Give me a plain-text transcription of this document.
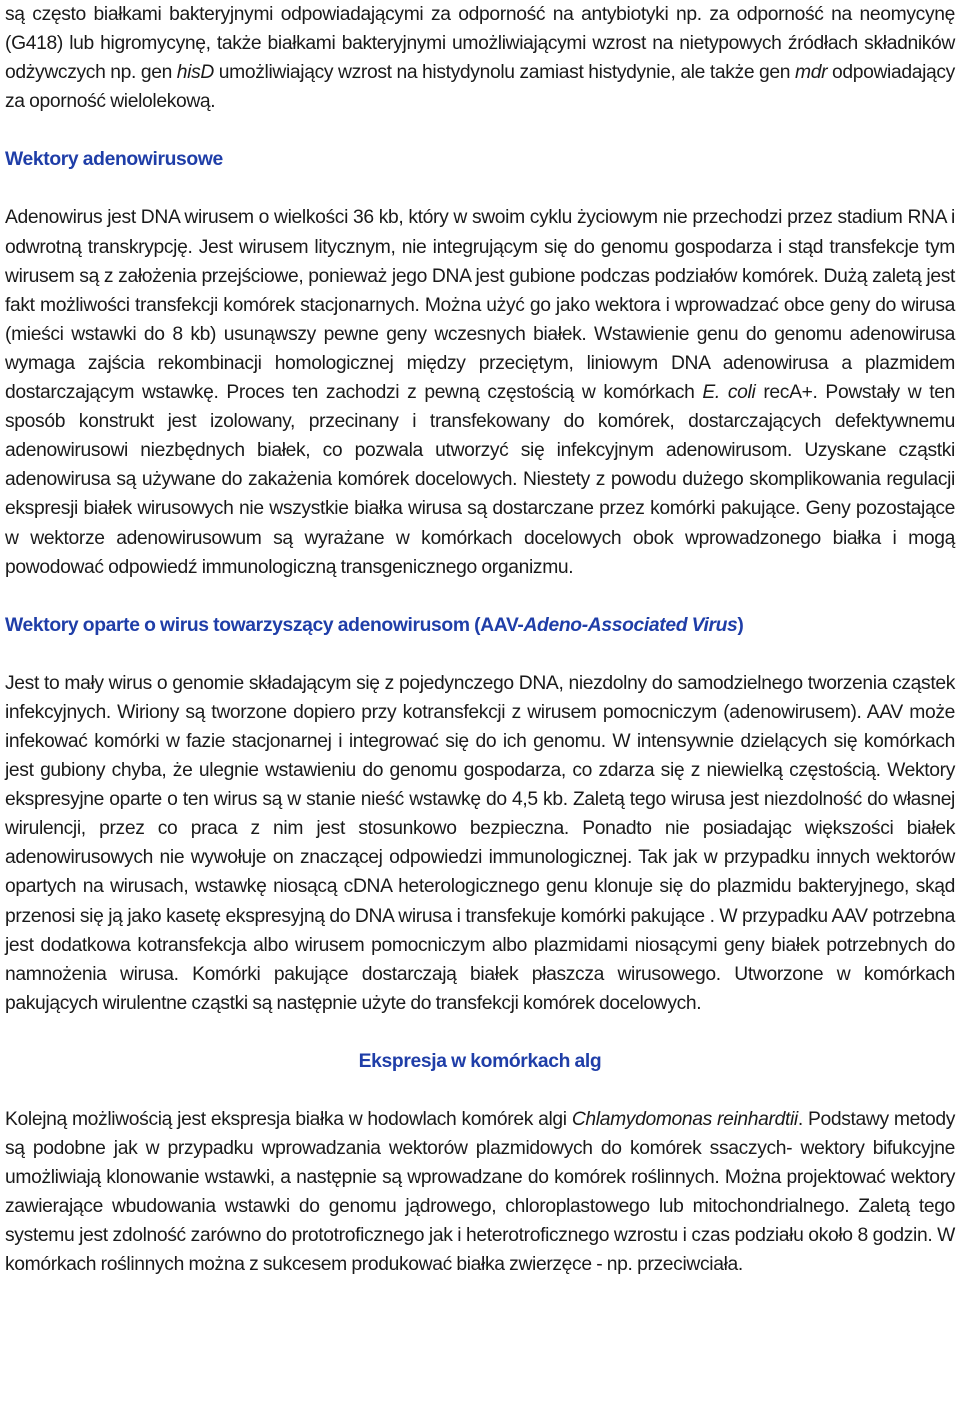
są często białkami bakteryjnymi odpowiadającymi za odporność na antybiotyki np. za odporność na neomycynę (G418) lub higromycynę, także białkami bakteryjnymi umożliwiającymi wzrost na nietypowych źródłach składników odżywczych np. gen hisD umożliwiający wzrost na histydynolu zamiast histydynie, ale także gen mdr odpowiadający za oporność wielolekową.

Wektory adenowirusowe

Adenowirus jest DNA wirusem o wielkości 36 kb, który w swoim cyklu życiowym nie przechodzi przez stadium RNA i odwrotną transkrypcję. Jest wirusem litycznym, nie integrującym się do genomu gospodarza i stąd transfekcje tym wirusem są z założenia przejściowe, ponieważ jego DNA jest gubione podczas podziałów komórek. Dużą zaletą jest fakt możliwości transfekcji komórek stacjonarnych. Można użyć go jako wektora i wprowadzać obce geny do wirusa (mieści wstawki do 8 kb) usunąwszy pewne geny wczesnych białek. Wstawienie genu do genomu adenowirusa wymaga zajścia rekombinacji homologicznej między przeciętym, liniowym DNA adenowirusa a plazmidem dostarczającym wstawkę. Proces ten zachodzi z pewną częstością w komórkach E. coli recA+. Powstały w ten sposób konstrukt jest izolowany, przecinany i transfekowany do komórek, dostarczających defektywnemu adenowirusowi niezbędnych białek, co pozwala utworzyć się infekcyjnym adenowirusom. Uzyskane cząstki adenowirusa są używane do zakażenia komórek docelowych. Niestety z powodu dużego skomplikowania regulacji ekspresji białek wirusowych nie wszystkie białka wirusa są dostarczane przez komórki pakujące. Geny pozostające w wektorze adenowirusowum są wyrażane w komórkach docelowych obok wprowadzonego białka i mogą powodować odpowiedź immunologiczną transgenicznego organizmu.

Wektory oparte o wirus towarzyszący adenowirusom (AAV-Adeno-Associated Virus)

Jest to mały wirus o genomie składającym się z pojedynczego DNA, niezdolny do samodzielnego tworzenia cząstek infekcyjnych. Wiriony są tworzone dopiero przy kotransfekcji z wirusem pomocniczym (adenowirusem). AAV może infekować komórki w fazie stacjonarnej i integrować się do ich genomu. W intensywnie dzielących się komórkach jest gubiony chyba, że ulegnie wstawieniu do genomu gospodarza, co zdarza się z niewielką częstością. Wektory ekspresyjne oparte o ten wirus są w stanie nieść wstawkę do 4,5 kb. Zaletą tego wirusa jest niezdolność do własnej wirulencji, przez co praca z nim jest stosunkowo bezpieczna. Ponadto nie posiadając większości białek adenowirusowych nie wywołuje on znaczącej odpowiedzi immunologicznej. Tak jak w przypadku innych wektorów opartych na wirusach, wstawkę niosącą cDNA heterologicznego genu klonuje się do plazmidu bakteryjnego, skąd przenosi się ją jako kasetę ekspresyjną do DNA wirusa i transfekuje komórki pakujące . W przypadku AAV potrzebna jest dodatkowa kotransfekcja albo wirusem pomocniczym albo plazmidami niosącymi geny białek potrzebnych do namnożenia wirusa. Komórki pakujące dostarczają białek płaszcza wirusowego. Utworzone w komórkach pakujących wirulentne cząstki są następnie użyte do transfekcji komórek docelowych.

Ekspresja w komórkach alg

Kolejną możliwością jest ekspresja białka w hodowlach komórek algi Chlamydomonas reinhardtii. Podstawy metody są podobne jak w przypadku wprowadzania wektorów plazmidowych do komórek ssaczych- wektory bifukcyjne umożliwiają klonowanie wstawki, a następnie są wprowadzane do komórek roślinnych. Można projektować wektory zawierające wbudowania wstawki do genomu jądrowego, chloroplastowego lub mitochondrialnego. Zaletą tego systemu jest zdolność zarówno do prototroficznego jak i heterotroficznego wzrostu i czas podziału około 8 godzin. W komórkach roślinnych można z sukcesem produkować białka zwierzęce - np. przeciwciała.
